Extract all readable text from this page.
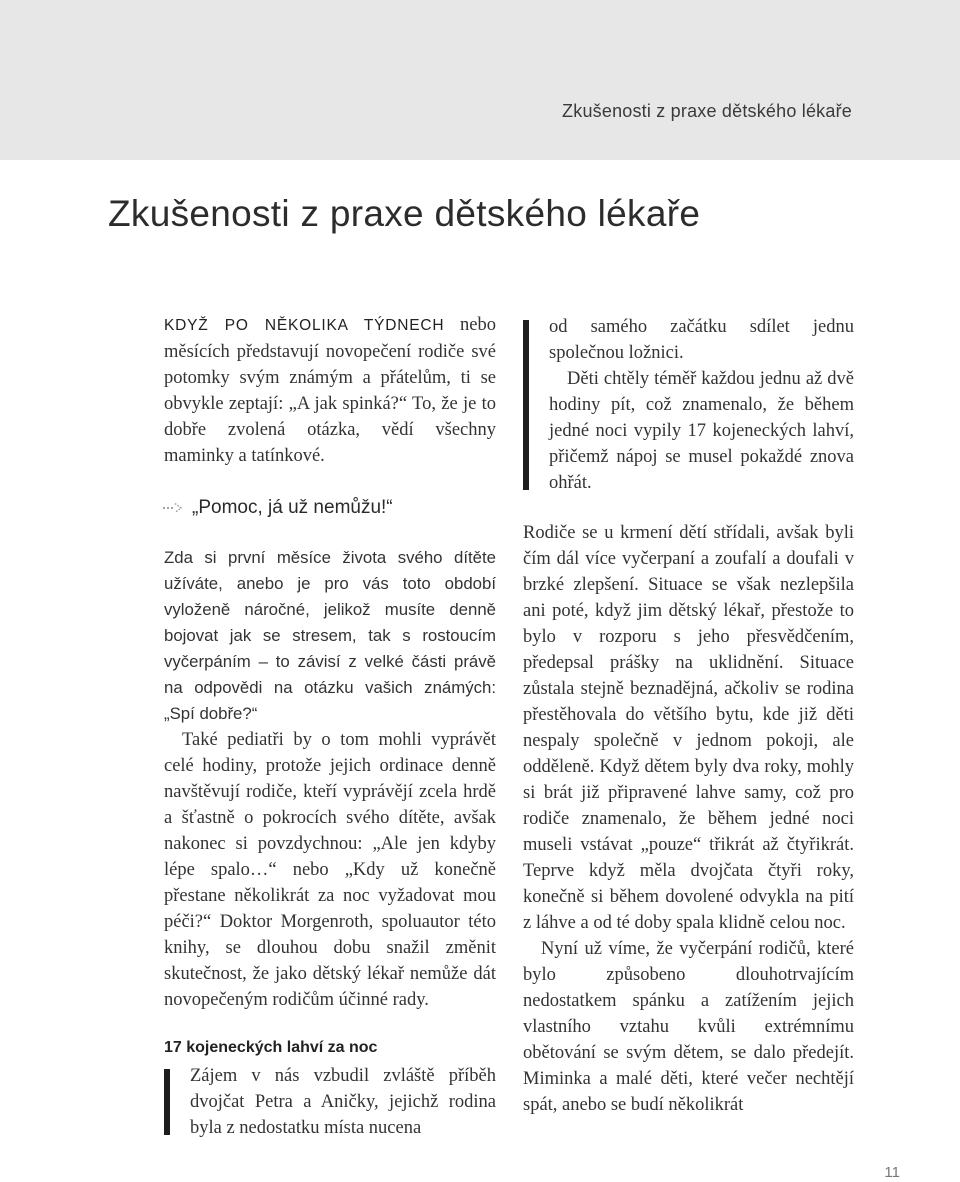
Zkušenosti z praxe dětského lékaře
Zkušenosti z praxe dětského lékaře

KDYŽ PO NĚKOLIKA TÝDNECH nebo měsících představují novopečení rodiče své potomky svým známým a přátelům, ti se obvykle zeptají: „A jak spinká?“ To, že je to dobře zvolená otázka, vědí všechny maminky a tatínkové.

„Pomoc, já už nemůžu!“

Zda si první měsíce života svého dítěte užíváte, anebo je pro vás toto období vyloženě náročné, jelikož musíte denně bojovat jak se stresem, tak s rostoucím vyčerpáním – to závisí z velké části právě na odpovědi na otázku vašich známých: „Spí dobře?“

Také pediatři by o tom mohli vyprávět celé hodiny, protože jejich ordinace denně navštěvují rodiče, kteří vyprávějí zcela hrdě a šťastně o pokrocích svého dítěte, avšak nakonec si povzdychnou: „Ale jen kdyby lépe spalo…“ nebo „Kdy už konečně přestane několikrát za noc vyžadovat mou péči?“ Doktor Morgenroth, spoluautor této knihy, se dlouhou dobu snažil změnit skutečnost, že jako dětský lékař nemůže dát novopečeným rodičům účinné rady.

17 kojeneckých lahví za noc

Zájem v nás vzbudil zvláště příběh dvojčat Petra a Aničky, jejichž rodina byla z nedostatku místa nucena

od samého začátku sdílet jednu společnou ložnici.

Děti chtěly téměř každou jednu až dvě hodiny pít, což znamenalo, že během jedné noci vypily 17 kojeneckých lahví, přičemž nápoj se musel pokaždé znova ohřát.

Rodiče se u krmení dětí střídali, avšak byli čím dál více vyčerpaní a zoufalí a doufali v brzké zlepšení. Situace se však nezlepšila ani poté, když jim dětský lékař, přestože to bylo v rozporu s jeho přesvědčením, předepsal prášky na uklidnění. Situace zůstala stejně beznadějná, ačkoliv se rodina přestěhovala do většího bytu, kde již děti nespaly společně v jednom pokoji, ale odděleně. Když dětem byly dva roky, mohly si brát již připravené lahve samy, což pro rodiče znamenalo, že během jedné noci museli vstávat „pouze“ třikrát až čtyřikrát. Teprve když měla dvojčata čtyři roky, konečně si během dovolené odvykla na pití z láhve a od té doby spala klidně celou noc.

Nyní už víme, že vyčerpání rodičů, které bylo způsobeno dlouhotrvajícím nedostatkem spánku a zatížením jejich vlastního vztahu kvůli extrémnímu obětování se svým dětem, se dalo předejít. Miminka a malé děti, které večer nechtějí spát, anebo se budí několikrát

11
